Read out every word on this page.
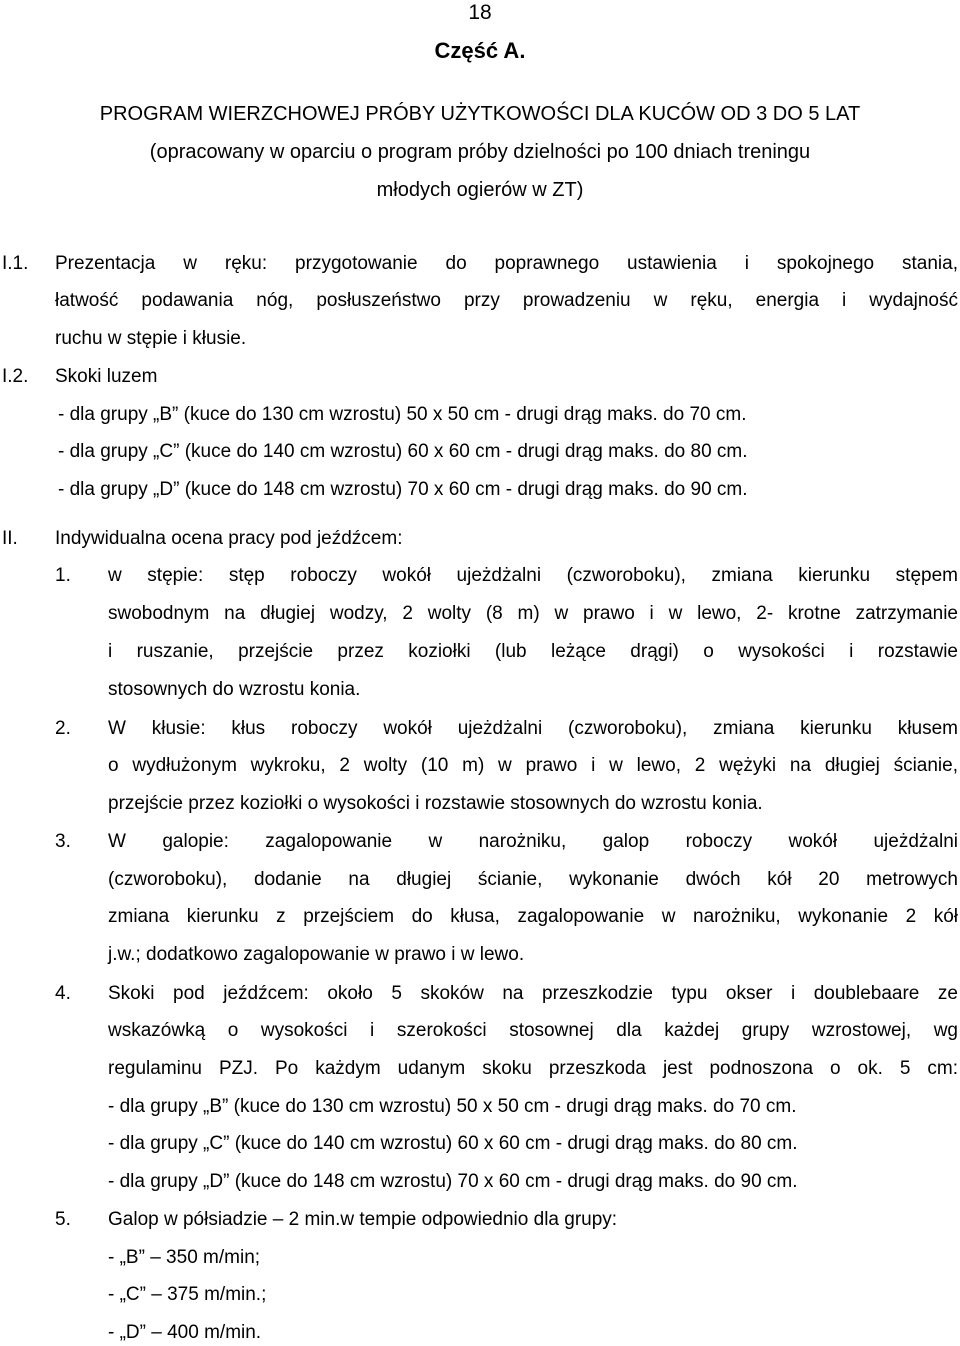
18
Część A.
PROGRAM WIERZCHOWEJ PRÓBY UŻYTKOWOŚCI DLA KUCÓW OD 3 DO 5 LAT
(opracowany w oparciu o program próby dzielności po 100 dniach treningu
młodych ogierów w ZT)
I.1. Prezentacja w ręku: przygotowanie do poprawnego ustawienia i spokojnego stania,
łatwość podawania nóg, posłuszeństwo przy prowadzeniu w ręku, energia i wydajność
ruchu w stępie i kłusie.
I.2. Skoki luzem
- dla grupy „B” (kuce do 130 cm wzrostu) 50 x 50 cm - drugi drąg maks. do 70 cm.
- dla grupy „C” (kuce do 140 cm wzrostu) 60 x 60 cm - drugi drąg maks. do 80 cm.
- dla grupy „D” (kuce do 148 cm wzrostu) 70 x 60 cm - drugi drąg maks. do 90 cm.
II. Indywidualna ocena pracy pod jeźdźcem:
1. w stępie: stęp roboczy wokół ujeżdżalni (czworoboku), zmiana kierunku stępem
swobodnym na długiej wodzy, 2 wolty (8 m) w prawo i w lewo, 2- krotne zatrzymanie
i ruszanie, przejście przez koziołki (lub leżące drągi) o wysokości i rozstawie
stosownych do wzrostu konia.
2. W kłusie: kłus roboczy wokół ujeżdżalni (czworoboku), zmiana kierunku kłusem
o wydłużonym wykroku, 2 wolty (10 m) w prawo i w lewo, 2 wężyki na długiej ścianie,
przejście przez koziołki o wysokości i rozstawie stosownych do wzrostu konia.
3. W galopie: zagalopowanie w narożniku, galop roboczy wokół ujeżdżalni
(czworoboku), dodanie na długiej ścianie, wykonanie dwóch kół 20 metrowych
zmiana kierunku z przejściem do kłusa, zagalopowanie w narożniku, wykonanie 2 kół
j.w.; dodatkowo zagalopowanie w prawo i w lewo.
4. Skoki pod jeźdźcem: około 5 skoków na przeszkodzie typu okser i doublebaare ze
wskazówką o wysokości i szerokości stosownej dla każdej grupy wzrostowej, wg
regulaminu PZJ. Po każdym udanym skoku przeszkoda jest podnoszona o ok. 5 cm:
- dla grupy „B” (kuce do 130 cm wzrostu) 50 x 50 cm - drugi drąg maks. do 70 cm.
- dla grupy „C” (kuce do 140 cm wzrostu) 60 x 60 cm - drugi drąg maks. do 80 cm.
- dla grupy „D” (kuce do 148 cm wzrostu) 70 x 60 cm - drugi drąg maks. do 90 cm.
5. Galop w półsiadzie – 2 min.w tempie odpowiednio dla grupy:
- „B” – 350 m/min;
- „C” – 375 m/min.;
- „D” – 400 m/min.
